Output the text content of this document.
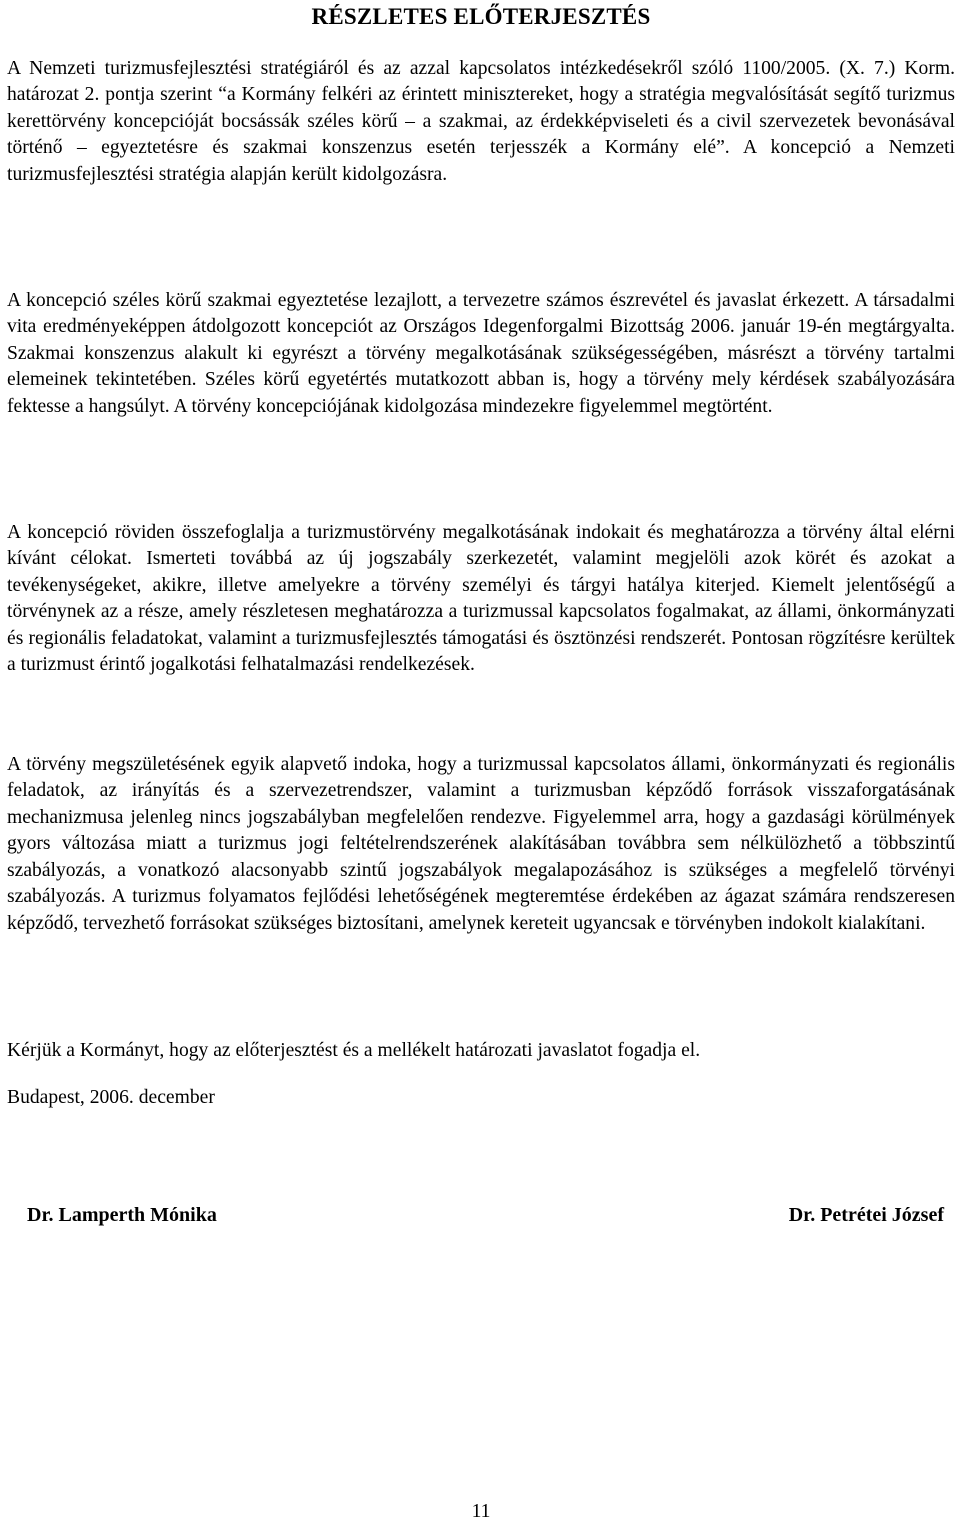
RÉSZLETES ELŐTERJESZTÉS

A Nemzeti turizmusfejlesztési stratégiáról és az azzal kapcsolatos intézkedésekről szóló 1100/2005. (X. 7.) Korm. határozat 2. pontja szerint “a Kormány felkéri az érintett minisztereket, hogy a stratégia megvalósítását segítő turizmus kerettörvény koncepcióját bocsássák széles körű – a szakmai, az érdekképviseleti és a civil szervezetek bevonásával történő – egyeztetésre és szakmai konszenzus esetén terjesszék a Kormány elé”. A koncepció a Nemzeti turizmusfejlesztési stratégia alapján került kidolgozásra.

A koncepció széles körű szakmai egyeztetése lezajlott, a tervezetre számos észrevétel és javaslat érkezett. A társadalmi vita eredményeképpen átdolgozott koncepciót az Országos Idegenforgalmi Bizottság 2006. január 19-én megtárgyalta. Szakmai konszenzus alakult ki egyrészt a törvény megalkotásának szükségességében, másrészt a törvény tartalmi elemeinek tekintetében. Széles körű egyetértés mutatkozott abban is, hogy a törvény mely kérdések szabályozására fektesse a hangsúlyt. A törvény koncepciójának kidolgozása mindezekre figyelemmel megtörtént.

A koncepció röviden összefoglalja a turizmustörvény megalkotásának indokait és meghatározza a törvény által elérni kívánt célokat. Ismerteti továbbá az új jogszabály szerkezetét, valamint megjelöli azok körét és azokat a tevékenységeket, akikre, illetve amelyekre a törvény személyi és tárgyi hatálya kiterjed. Kiemelt jelentőségű a törvénynek az a része, amely részletesen meghatározza a turizmussal kapcsolatos fogalmakat, az állami, önkormányzati és regionális feladatokat, valamint a turizmusfejlesztés támogatási és ösztönzési rendszerét. Pontosan rögzítésre kerültek a turizmust érintő jogalkotási felhatalmazási rendelkezések.

A törvény megszületésének egyik alapvető indoka, hogy a turizmussal kapcsolatos állami, önkormányzati és regionális feladatok, az irányítás és a szervezetrendszer, valamint a turizmusban képződő források visszaforgatásának mechanizmusa jelenleg nincs jogszabályban megfelelően rendezve. Figyelemmel arra, hogy a gazdasági körülmények gyors változása miatt a turizmus jogi feltételrendszerének alakításában továbbra sem nélkülözhető a többszintű szabályozás, a vonatkozó alacsonyabb szintű jogszabályok megalapozásához is szükséges a megfelelő törvényi szabályozás. A turizmus folyamatos fejlődési lehetőségének megteremtése érdekében az ágazat számára rendszeresen képződő, tervezhető forrásokat szükséges biztosítani, amelynek kereteit ugyancsak e törvényben indokolt kialakítani.

Kérjük a Kormányt, hogy az előterjesztést és a mellékelt határozati javaslatot fogadja el.

Budapest, 2006. december
Dr. Lamperth Mónika	Dr. Petrétei József
11
